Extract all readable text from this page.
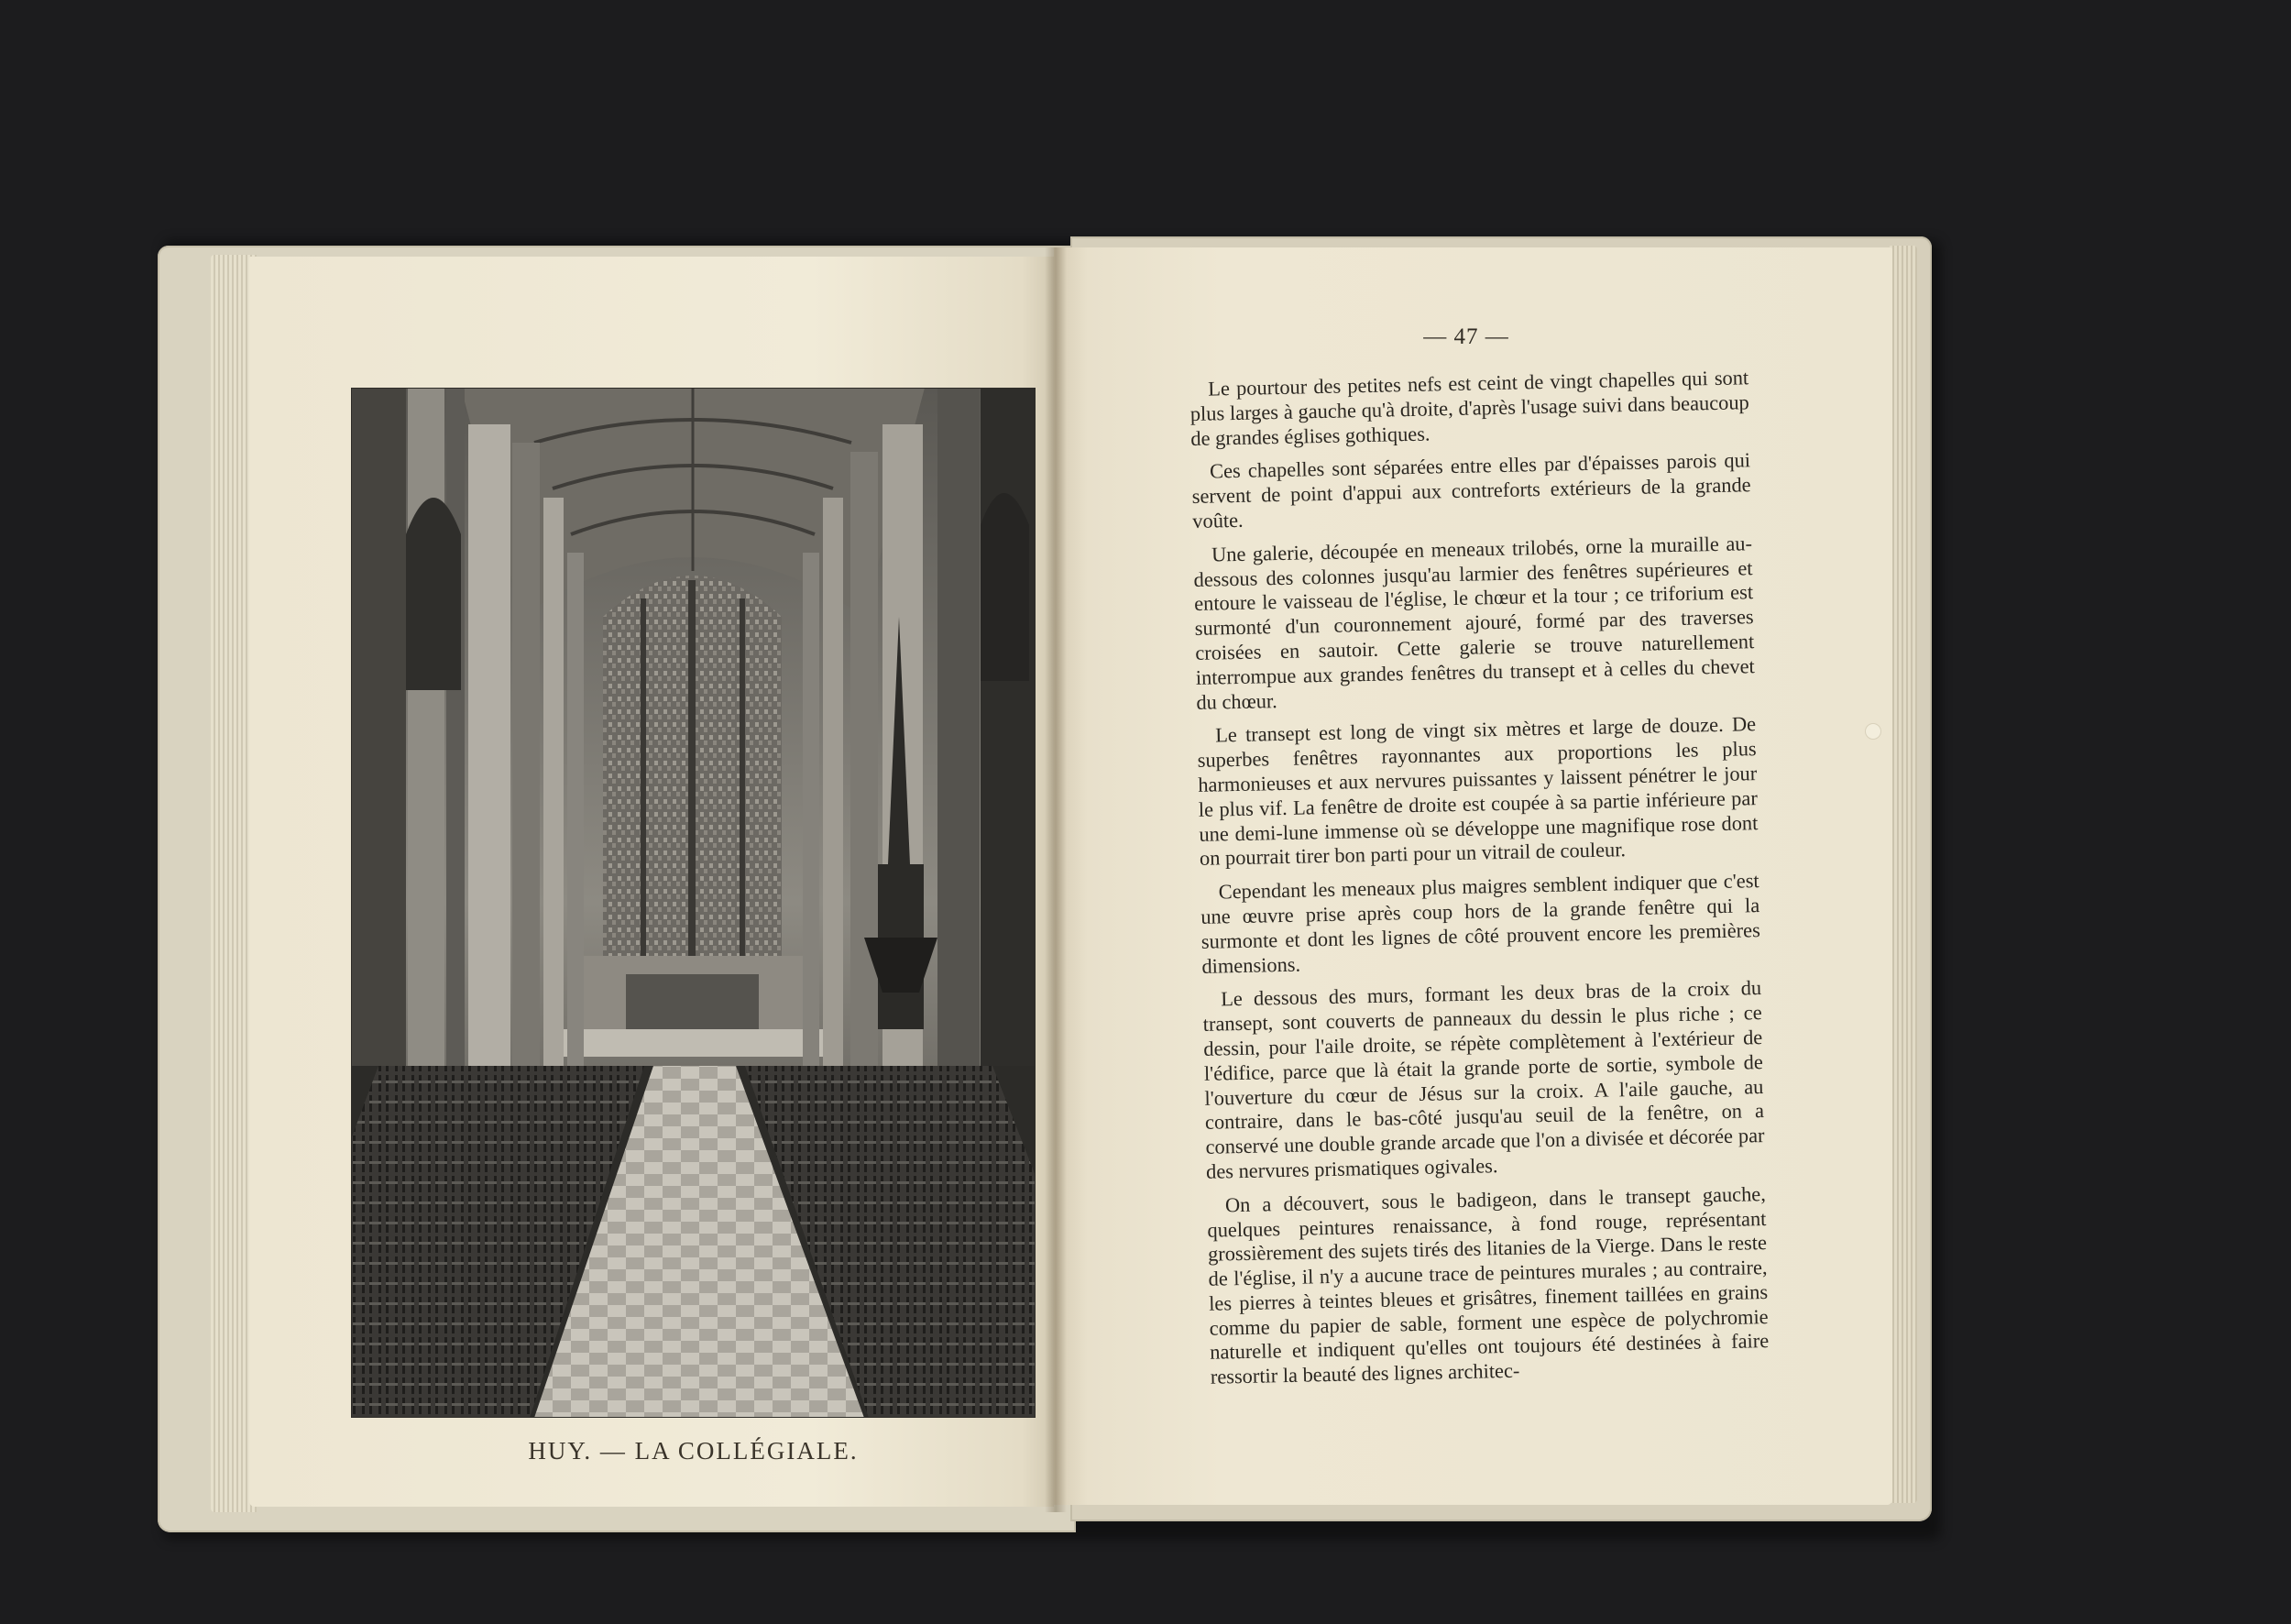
HUY. — LA COLLÉGIALE.
— 47 —

Le pourtour des petites nefs est ceint de vingt chapelles qui sont plus larges à gauche qu'à droite, d'après l'usage suivi dans beaucoup de grandes églises gothiques.

Ces chapelles sont séparées entre elles par d'épaisses parois qui servent de point d'appui aux contreforts extérieurs de la grande voûte.

Une galerie, découpée en meneaux trilobés, orne la muraille au-dessous des colonnes jusqu'au larmier des fenêtres supérieures et entoure le vaisseau de l'église, le chœur et la tour ; ce triforium est surmonté d'un couronnement ajouré, formé par des traverses croisées en sautoir. Cette galerie se trouve naturellement interrompue aux grandes fenêtres du transept et à celles du chevet du chœur.

Le transept est long de vingt six mètres et large de douze. De superbes fenêtres rayonnantes aux proportions les plus harmonieuses et aux nervures puissantes y laissent pénétrer le jour le plus vif. La fenêtre de droite est coupée à sa partie inférieure par une demi-lune immense où se développe une magnifique rose dont on pourrait tirer bon parti pour un vitrail de couleur.

Cependant les meneaux plus maigres semblent indiquer que c'est une œuvre prise après coup hors de la grande fenêtre qui la surmonte et dont les lignes de côté prouvent encore les premières dimensions.

Le dessous des murs, formant les deux bras de la croix du transept, sont couverts de panneaux du dessin le plus riche ; ce dessin, pour l'aile droite, se répète complètement à l'extérieur de l'édifice, parce que là était la grande porte de sortie, symbole de l'ouverture du cœur de Jésus sur la croix. A l'aile gauche, au contraire, dans le bas-côté jusqu'au seuil de la fenêtre, on a conservé une double grande arcade que l'on a divisée et décorée par des nervures prismatiques ogivales.

On a découvert, sous le badigeon, dans le transept gauche, quelques peintures renaissance, à fond rouge, représentant grossièrement des sujets tirés des litanies de la Vierge. Dans le reste de l'église, il n'y a aucune trace de peintures murales ; au contraire, les pierres à teintes bleues et grisâtres, finement taillées en grains comme du papier de sable, forment une espèce de polychromie naturelle et indiquent qu'elles ont toujours été destinées à faire ressortir la beauté des lignes architec-
